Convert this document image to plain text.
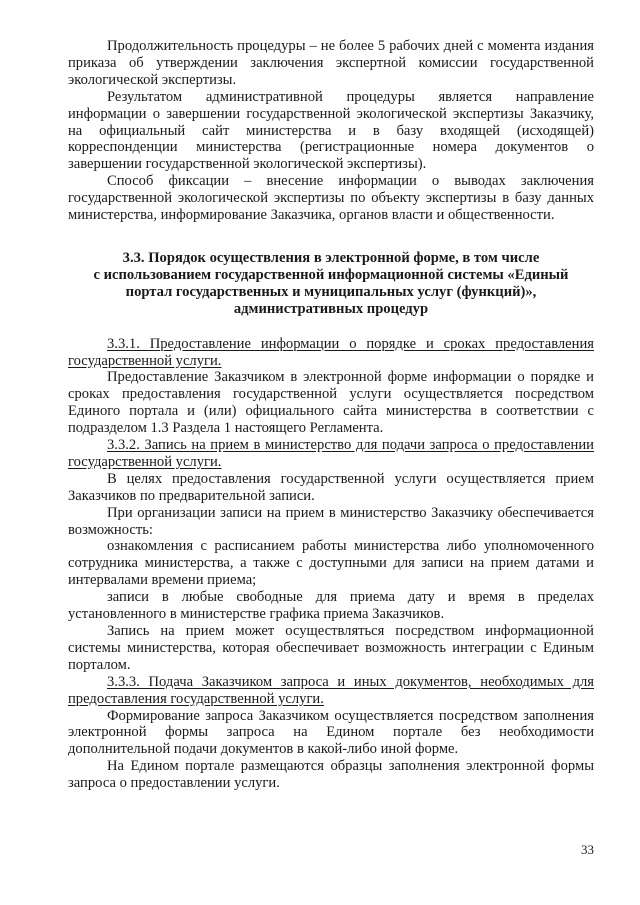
Продолжительность процедуры – не более 5 рабочих дней с момента издания приказа об утверждении заключения экспертной комиссии государственной экологической экспертизы.

Результатом административной процедуры является направление информации о завершении государственной экологической экспертизы Заказчику, на официальный сайт министерства и в базу входящей (исходящей) корреспонденции министерства (регистрационные номера документов о завершении государственной экологической экспертизы).

Способ фиксации – внесение информации о выводах заключения государственной экологической экспертизы по объекту экспертизы в базу данных министерства, информирование Заказчика, органов власти и общественности.

3.3. Порядок осуществления в электронной форме, в том числе

с использованием государственной информационной системы «Единый

портал государственных и муниципальных услуг (функций)»,

административных процедур

3.3.1. Предоставление информации о порядке и сроках предоставления государственной услуги.

Предоставление Заказчиком в электронной форме информации о порядке и сроках предоставления государственной услуги осуществляется посредством Единого портала и (или) официального сайта министерства в соответствии с подразделом 1.3 Раздела 1 настоящего Регламента.

3.3.2. Запись на прием в министерство для подачи запроса о предоставлении государственной услуги.

В целях предоставления государственной услуги осуществляется прием Заказчиков по предварительной записи.

При организации записи на прием в министерство Заказчику обеспечивается возможность:

ознакомления с расписанием работы министерства либо уполномоченного сотрудника министерства, а также с доступными для записи на прием датами и интервалами времени приема;

записи в любые свободные для приема дату и время в пределах установленного в министерстве графика приема Заказчиков.

Запись на прием может осуществляться посредством информационной системы министерства, которая обеспечивает возможность интеграции с Единым порталом.

3.3.3. Подача Заказчиком запроса и иных документов, необходимых для предоставления государственной услуги.

Формирование запроса Заказчиком осуществляется посредством заполнения электронной формы запроса на Едином портале без необходимости дополнительной подачи документов в какой-либо иной форме.

На Едином портале размещаются образцы заполнения электронной формы запроса о предоставлении услуги.

33
